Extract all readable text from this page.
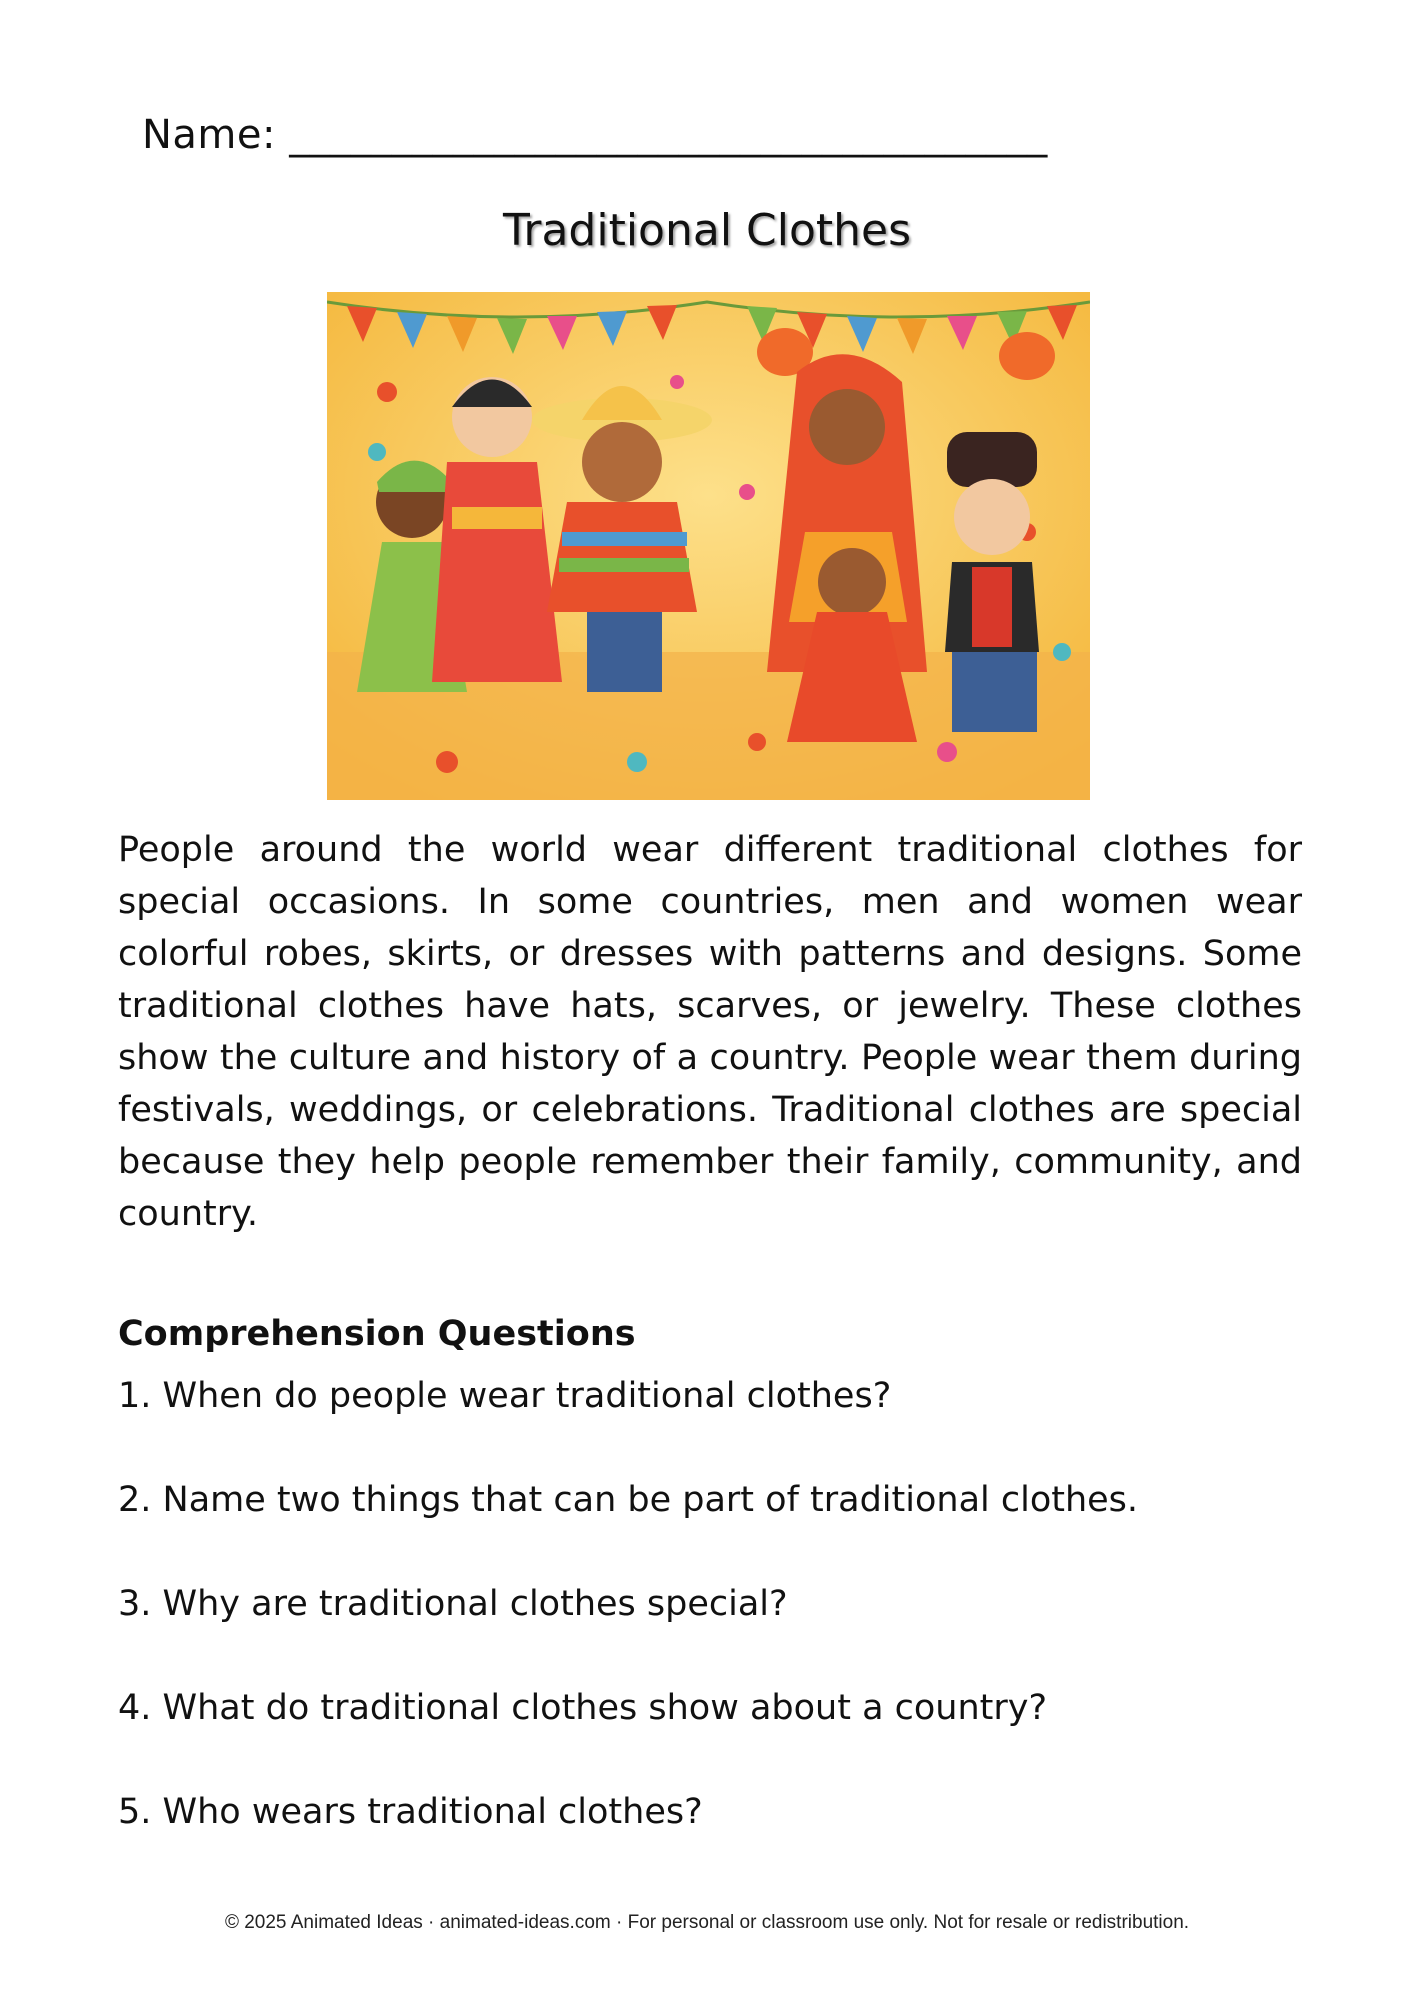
Name: _____________________________________
Traditional Clothes
People around the world wear different traditional clothes for special occasions. In some countries, men and women wear colorful robes, skirts, or dresses with patterns and designs. Some traditional clothes have hats, scarves, or jewelry. These clothes show the culture and history of a country. People wear them during festivals, weddings, or celebrations. Traditional clothes are special because they help people remember their family, community, and country.
Comprehension Questions
1. When do people wear traditional clothes?
2. Name two things that can be part of traditional clothes.
3. Why are traditional clothes special?
4. What do traditional clothes show about a country?
5. Who wears traditional clothes?
© 2025 Animated Ideas · animated-ideas.com · For personal or classroom use only. Not for resale or redistribution.
